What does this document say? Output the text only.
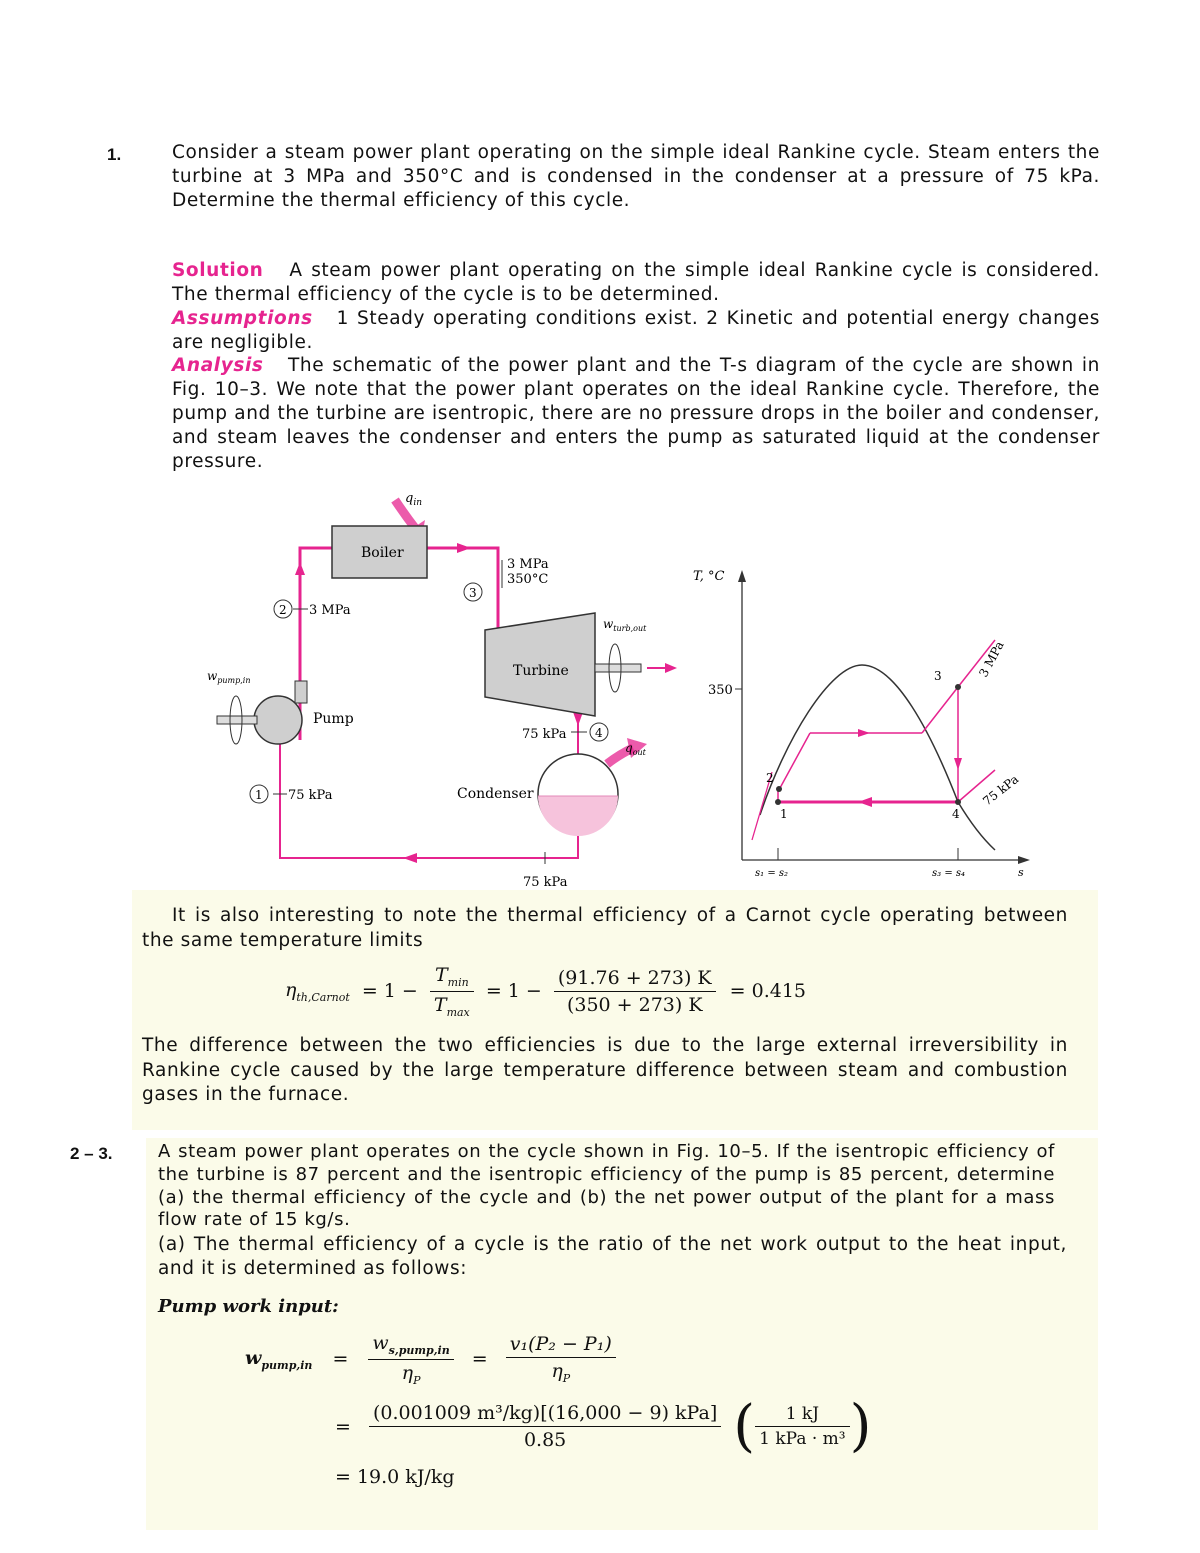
1.	Consider a steam power plant operating on the simple ideal Rankine cycle. Steam enters the turbine at 3 MPa and 350°C and is condensed in the condenser at a pressure of 75 kPa. Determine the thermal efficiency of this cycle.

Solution A steam power plant operating on the simple ideal Rankine cycle is considered. The thermal efficiency of the cycle is to be determined.

Assumptions 1 Steady operating conditions exist. 2 Kinetic and potential energy changes are negligible.

Analysis The schematic of the power plant and the T-s diagram of the cycle are shown in Fig. 10–3. We note that the power plant operates on the ideal Rankine cycle. Therefore, the pump and the turbine are isentropic, there are no pressure drops in the boiler and condenser, and steam leaves the condenser and enters the pump as saturated liquid at the condenser pressure.

$q_{in}$
Boiler
3
3 MPa
350°C
2 3 MPa
Turbine
$w_{turb,out}$
Pump
$w_{pump,in}$
75 kPa 4
Condenser
$q_{out}$
1 75 kPa
75 kPa
T, °C
350
s
2
1
3
4
3 MPa
75 kPa
s₁ = s₂	s₃ = s₄

It is also interesting to note the thermal efficiency of a Carnot cycle operating between the same temperature limits

$\eta_{th,Carnot} = 1 - \frac{T_{min}}{T_{max}} = 1 - \frac{(91.76 + 273) K}{(350 + 273) K} = 0.415$

The difference between the two efficiencies is due to the large external irreversibility in Rankine cycle caused by the large temperature difference between steam and combustion gases in the furnace.

2 – 3.	A steam power plant operates on the cycle shown in Fig. 10–5. If the isentropic efficiency of the turbine is 87 percent and the isentropic efficiency of the pump is 85 percent, determine (a) the thermal efficiency of the cycle and (b) the net power output of the plant for a mass flow rate of 15 kg/s.

(a) The thermal efficiency of a cycle is the ratio of the net work output to the heat input, and it is determined as follows:

Pump work input:
$w_{pump,in} = \frac{w_{s,pump,in}}{\eta_P} = \frac{\text{v₁(P₂ − P₁)}}{\eta_P}$
= $\frac{\text{(0.001009 m³/kg)[(16,000 − 9) kPa]}}{0.85}$ ( $\frac{1 kJ}{\text{1 kPa · m³}}$ )
= 19.0 kJ/kg
